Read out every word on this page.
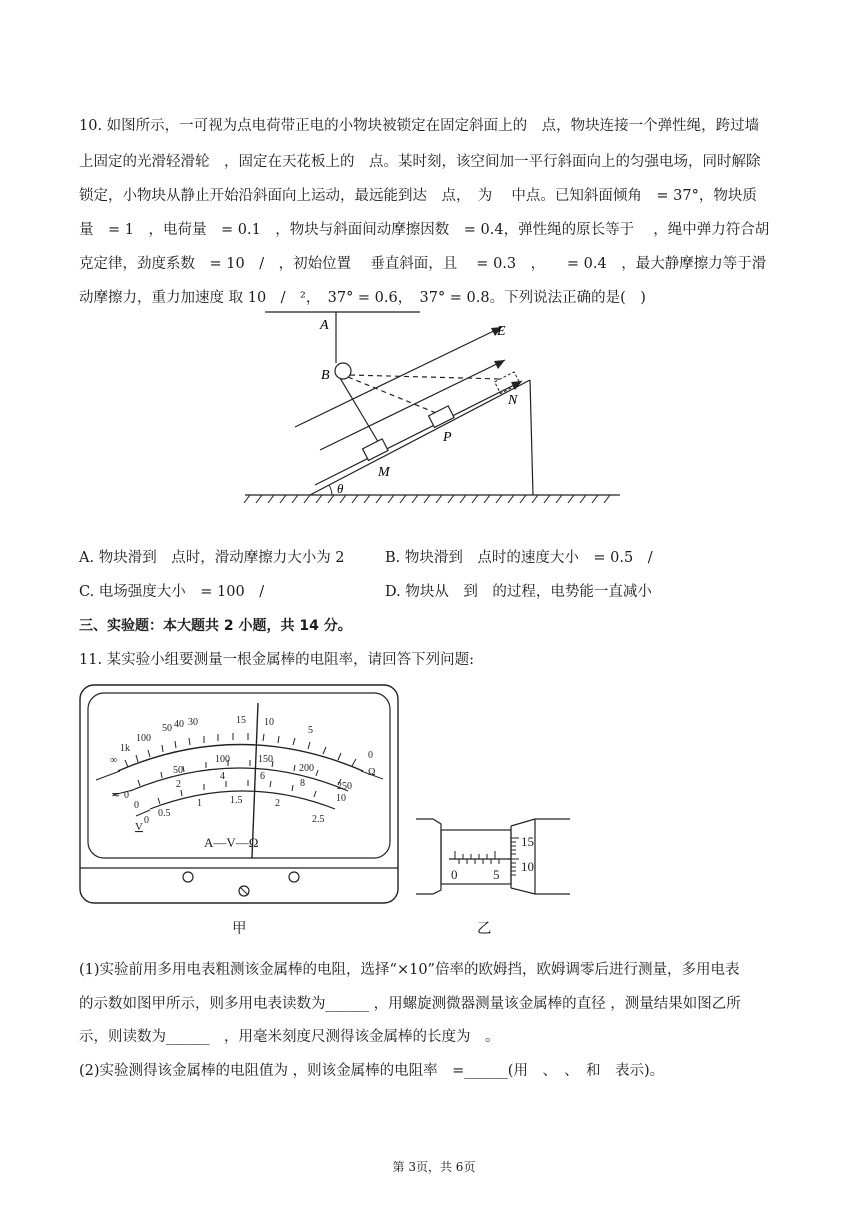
10. 如图所示，一可视为点电荷带正电的小物块被锁定在固定斜面上的　点，物块连接一个弹性绳，跨过墙
上固定的光滑轻滑轮　，固定在天花板上的　点。某时刻，该空间加一平行斜面向上的匀强电场，同时解除
锁定，小物块从静止开始沿斜面向上运动，最远能到达　点，　为　 中点。已知斜面倾角　= 37°，物块质
量　= 1　，电荷量　= 0.1　，物块与斜面间动摩擦因数　= 0.4，弹性绳的原长等于　 ，绳中弹力符合胡
克定律，劲度系数　= 10　/　，初始位置　 垂直斜面，且　 = 0.3　，　　= 0.4　，最大静摩擦力等于滑
动摩擦力，重力加速度 取 10　/　²，　37° = 0.6，　37° = 0.8。下列说法正确的是(　)
A
B
E
N
P
M
θ
A. 物块滑到　点时，滑动摩擦力大小为 2	B. 物块滑到　点时的速度大小　= 0.5　/
C. 电场强度大小　= 100　/	D. 物块从　到　的过程，电势能一直减小
三、实验题：本大题共 2 小题，共 14 分。
11. 某实验小组要测量一根金属棒的电阻率，请回答下列问题:
∞
1k
100
50 40 30	15 10
5
0
Ω
0
50
100	150
200
250
0
2
4	6
8
10
0
0.5
1	1.5	2
2.5
≂
V
A—V—Ω
甲
0	5
15
10
乙
(1)实验前用多用电表粗测该金属棒的电阻，选择“×10”倍率的欧姆挡，欧姆调零后进行测量，多用电表
的示数如图甲所示，则多用电表读数为______ ，用螺旋测微器测量该金属棒的直径 ，测量结果如图乙所
示，则读数为______　，用毫米刻度尺测得该金属棒的长度为　。
(2)实验测得该金属棒的电阻值为 ，则该金属棒的电阻率　=______(用　、　、　和　表示)。
第 3页，共 6页
